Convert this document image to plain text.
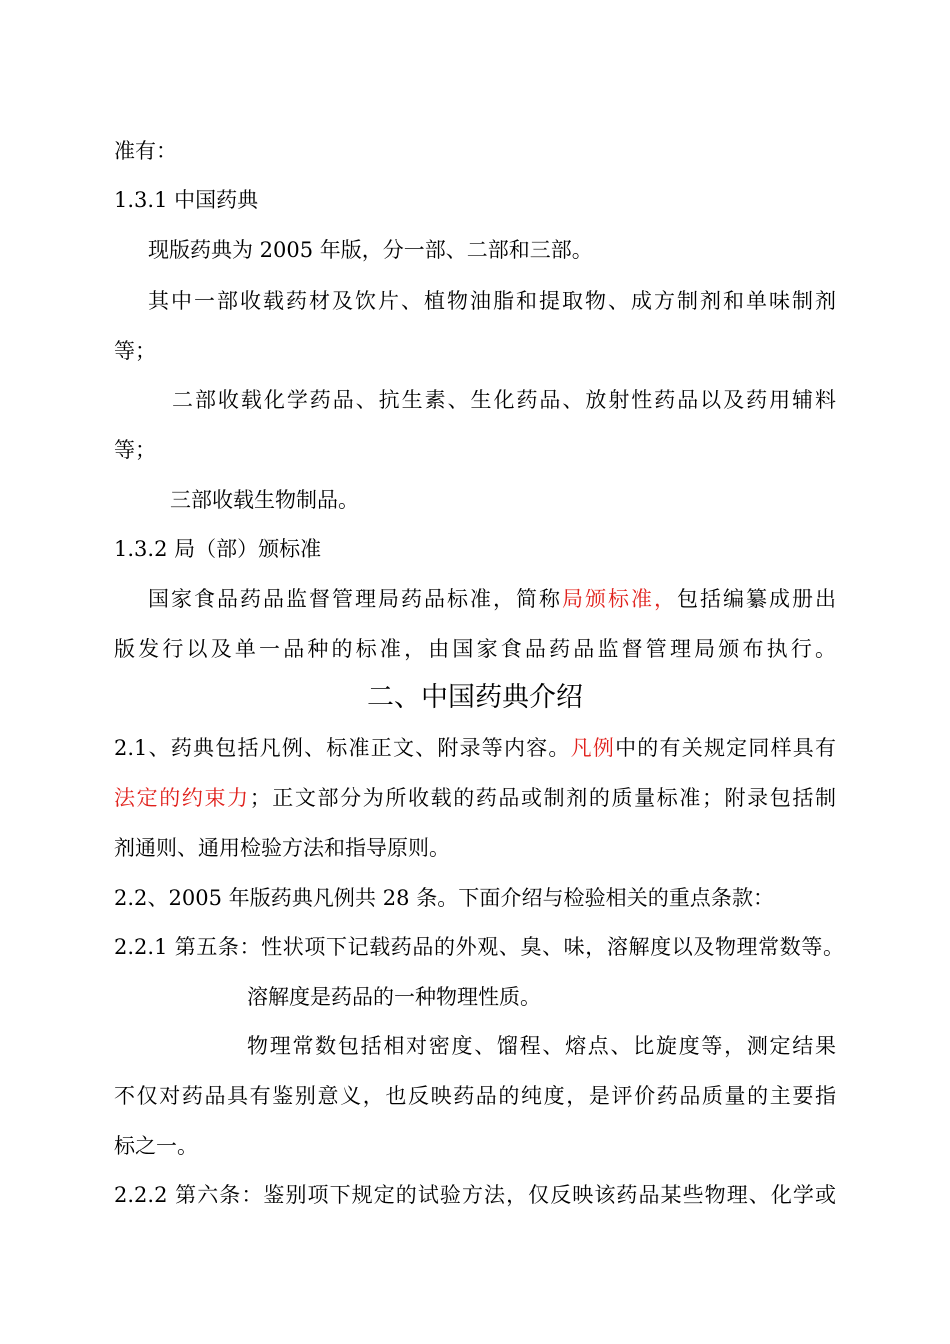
准有：
1.3.1 中国药典
现版药典为 2005 年版，分一部、二部和三部。
其中一部收载药材及饮片、植物油脂和提取物、成方制剂和单味制剂
等；
二部收载化学药品、抗生素、生化药品、放射性药品以及药用辅料
等；
三部收载生物制品。
1.3.2 局（部）颁标准
国家食品药品监督管理局药品标准，简称局颁标准，包括编纂成册出
版发行以及单一品种的标准，由国家食品药品监督管理局颁布执行。
二、中国药典介绍
2.1、药典包括凡例、标准正文、附录等内容。凡例中的有关规定同样具有
法定的约束力；正文部分为所收载的药品或制剂的质量标准；附录包括制
剂通则、通用检验方法和指导原则。
2.2、2005 年版药典凡例共 28 条。下面介绍与检验相关的重点条款：
2.2.1 第五条：性状项下记载药品的外观、臭、味，溶解度以及物理常数等。
溶解度是药品的一种物理性质。
物理常数包括相对密度、馏程、熔点、比旋度等，测定结果
不仅对药品具有鉴别意义，也反映药品的纯度，是评价药品质量的主要指
标之一。
2.2.2 第六条：鉴别项下规定的试验方法，仅反映该药品某些物理、化学或
